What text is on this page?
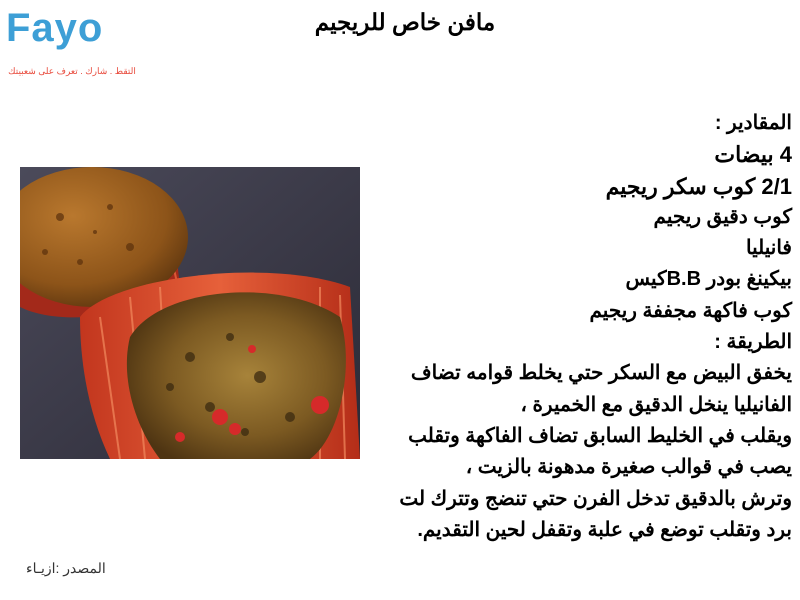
Fayo
التقط . شارك . تعرف على شعبيتك
مافن خاص للريجيم
المقادير :
4 بيضات
2/1 كوب سكر ريجيم
كوب دقيق ريجيم
فانيليا
بيكينغ بودر B.Bكيس
كوب فاكهة مجففة ريجيم
الطريقة :
يخفق البيض مع السكر حتي يخلط قوامه تضاف
الفانيليا ينخل الدقيق مع الخميرة ،
ويقلب في الخليط السابق تضاف الفاكهة وتقلب
يصب في قوالب صغيرة مدهونة بالزيت ،
وترش بالدقيق تدخل الفرن حتي تنضج وتترك لت
برد وتقلب توضع في علبة وتقفل لحين التقديم.
المصدر :ازيـاء
